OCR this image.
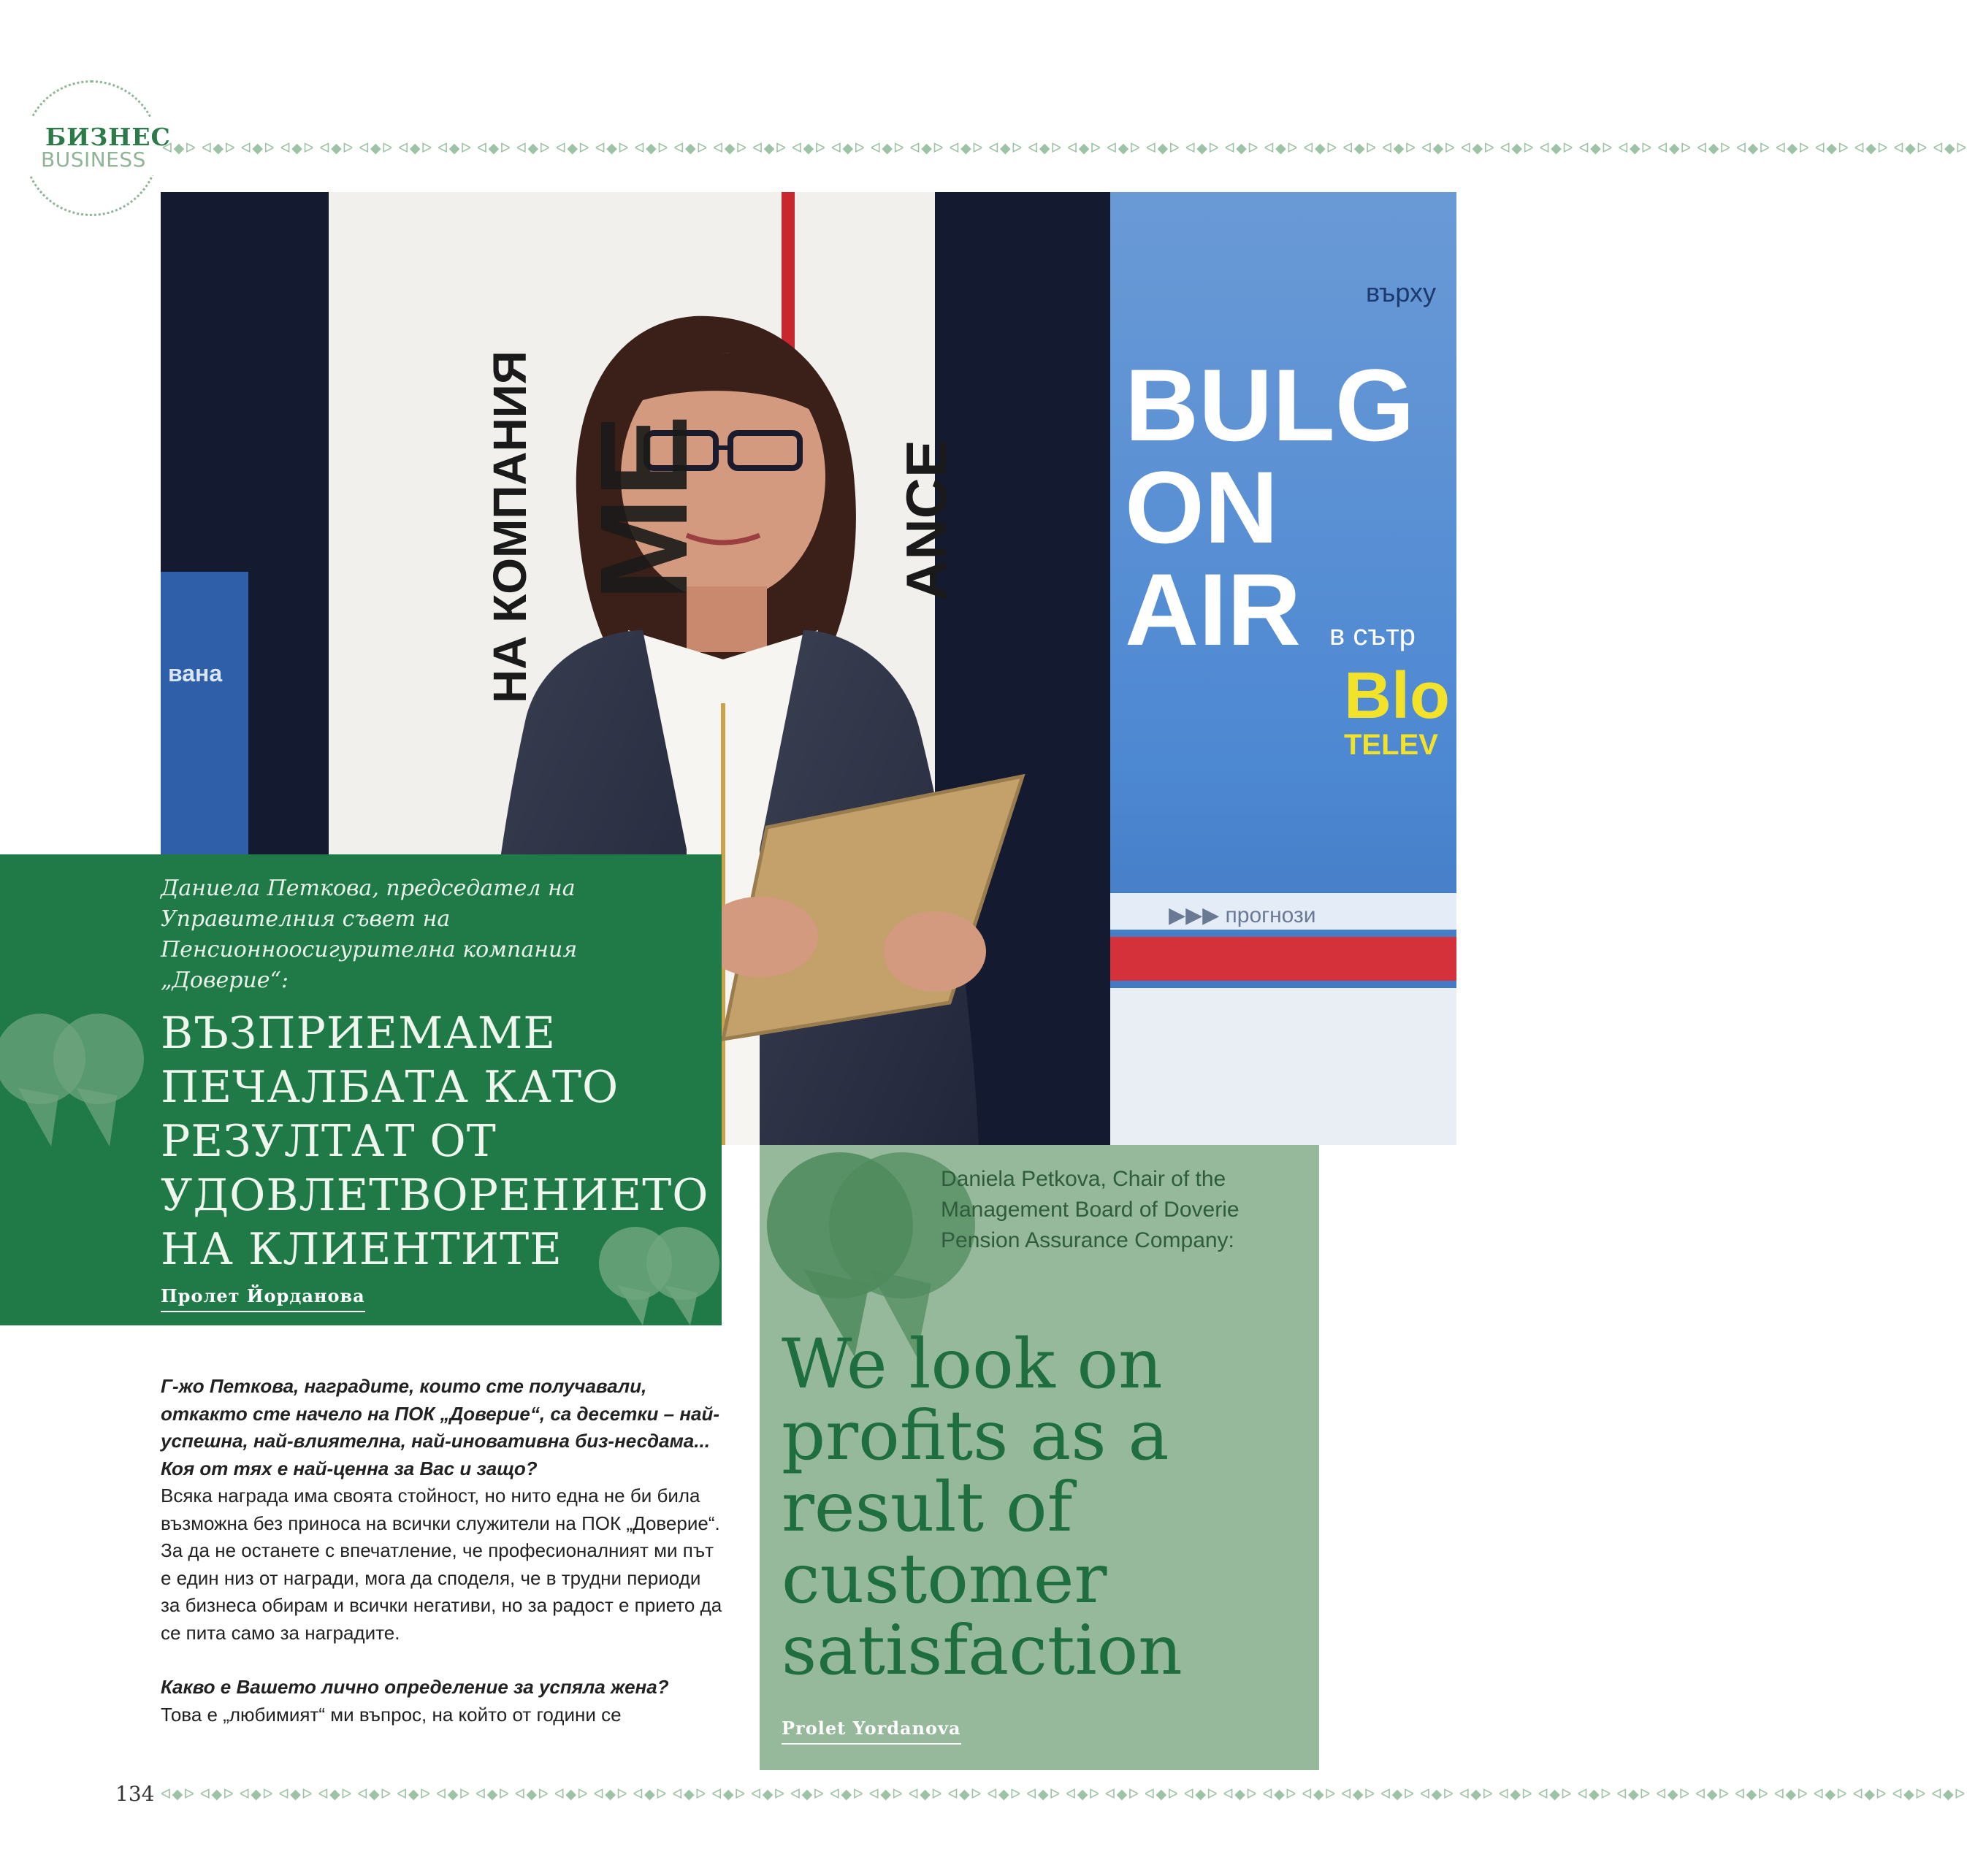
БИЗНЕС
BUSINESS ᐊ◆ᐅ ᐊ◆ᐅ ᐊ◆ᐅ ᐊ◆ᐅ ᐊ◆ᐅ ᐊ◆ᐅ ᐊ◆ᐅ ᐊ◆ᐅ ᐊ◆ᐅ ᐊ◆ᐅ ᐊ◆ᐅ ᐊ◆ᐅ ᐊ◆ᐅ ᐊ◆ᐅ ᐊ◆ᐅ ᐊ◆ᐅ ᐊ◆ᐅ ᐊ◆ᐅ ᐊ◆ᐅ ᐊ◆ᐅ ᐊ◆ᐅ ᐊ◆ᐅ ᐊ◆ᐅ ᐊ◆ᐅ ᐊ◆ᐅ ᐊ◆ᐅ ᐊ◆ᐅ ᐊ◆ᐅ ᐊ◆ᐅ ᐊ◆ᐅ ᐊ◆ᐅ ᐊ◆ᐅ ᐊ◆ᐅ ᐊ◆ᐅ ᐊ◆ᐅ ᐊ◆ᐅ ᐊ◆ᐅ ᐊ◆ᐅ ᐊ◆ᐅ ᐊ◆ᐅ ᐊ◆ᐅ ᐊ◆ᐅ ᐊ◆ᐅ ᐊ◆ᐅ ᐊ◆ᐅ ᐊ◆ᐅ
НА КОМПАНИЯ	ANCE
ME
върху
BULG
ON
AIR в сътр
Blo
TELEV
▶▶▶ прогнози
вана
Даниела Петкова, председател на Управителния съвет на Пенсионноосигурителна компания „Доверие“:
ВЪЗПРИЕМАМЕ ПЕЧАЛБАТА КАТО РЕЗУЛТАТ ОТ УДОВЛЕТВОРЕНИЕТО НА КЛИЕНТИТЕ
Пролет Йорданова
Daniela Petkova, Chair of the Management Board of Doverie Pension Assurance Company:
We look on profits as a result of customer satisfaction
Prolet Yordanova

Г-жо Петкова, наградите, които сте получавали, откакто сте начело на ПОК „Доверие“, са десетки – най-успешна, най-влиятелна, най-иновативна биз-несдама... Коя от тях е най-ценна за Вас и защо?
Всяка награда има своята стойност, но нито една не би била възможна без приноса на всички служители на ПОК „Доверие“. За да не останете с впечатление, че професионалният ми път е един низ от награди, мога да споделя, че в трудни периоди за бизнеса обирам и всички негативи, но за радост е прието да се пита само за наградите.

Какво е Вашето лично определение за успяла жена?
Това е „любимият“ ми въпрос, на който от години се

134 ᐊ◆ᐅ ᐊ◆ᐅ ᐊ◆ᐅ ᐊ◆ᐅ ᐊ◆ᐅ ᐊ◆ᐅ ᐊ◆ᐅ ᐊ◆ᐅ ᐊ◆ᐅ ᐊ◆ᐅ ᐊ◆ᐅ ᐊ◆ᐅ ᐊ◆ᐅ ᐊ◆ᐅ ᐊ◆ᐅ ᐊ◆ᐅ ᐊ◆ᐅ ᐊ◆ᐅ ᐊ◆ᐅ ᐊ◆ᐅ ᐊ◆ᐅ ᐊ◆ᐅ ᐊ◆ᐅ ᐊ◆ᐅ ᐊ◆ᐅ ᐊ◆ᐅ ᐊ◆ᐅ ᐊ◆ᐅ ᐊ◆ᐅ ᐊ◆ᐅ ᐊ◆ᐅ ᐊ◆ᐅ ᐊ◆ᐅ ᐊ◆ᐅ ᐊ◆ᐅ ᐊ◆ᐅ ᐊ◆ᐅ ᐊ◆ᐅ ᐊ◆ᐅ ᐊ◆ᐅ ᐊ◆ᐅ ᐊ◆ᐅ ᐊ◆ᐅ ᐊ◆ᐅ ᐊ◆ᐅ ᐊ◆ᐅ
